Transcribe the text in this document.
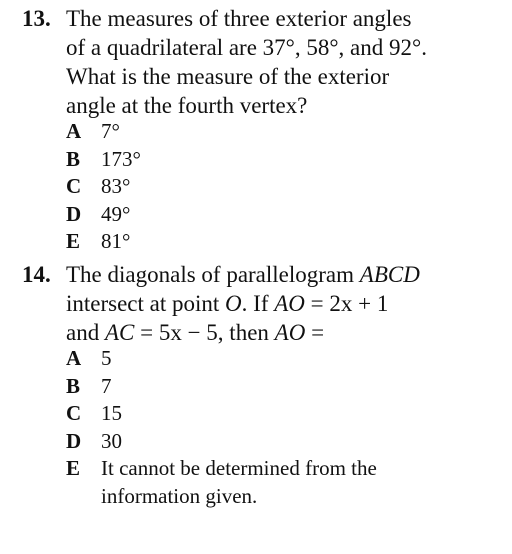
13. The measures of three exterior angles
of a quadrilateral are 37°, 58°, and 92°.
What is the measure of the exterior
angle at the fourth vertex?
A 7°
B 173°
C 83°
D 49°
E 81°
14. The diagonals of parallelogram ABCD
intersect at point O. If AO = 2x + 1
and AC = 5x − 5, then AO =
A 5
B 7
C 15
D 30
E It cannot be determined from the
information given.
